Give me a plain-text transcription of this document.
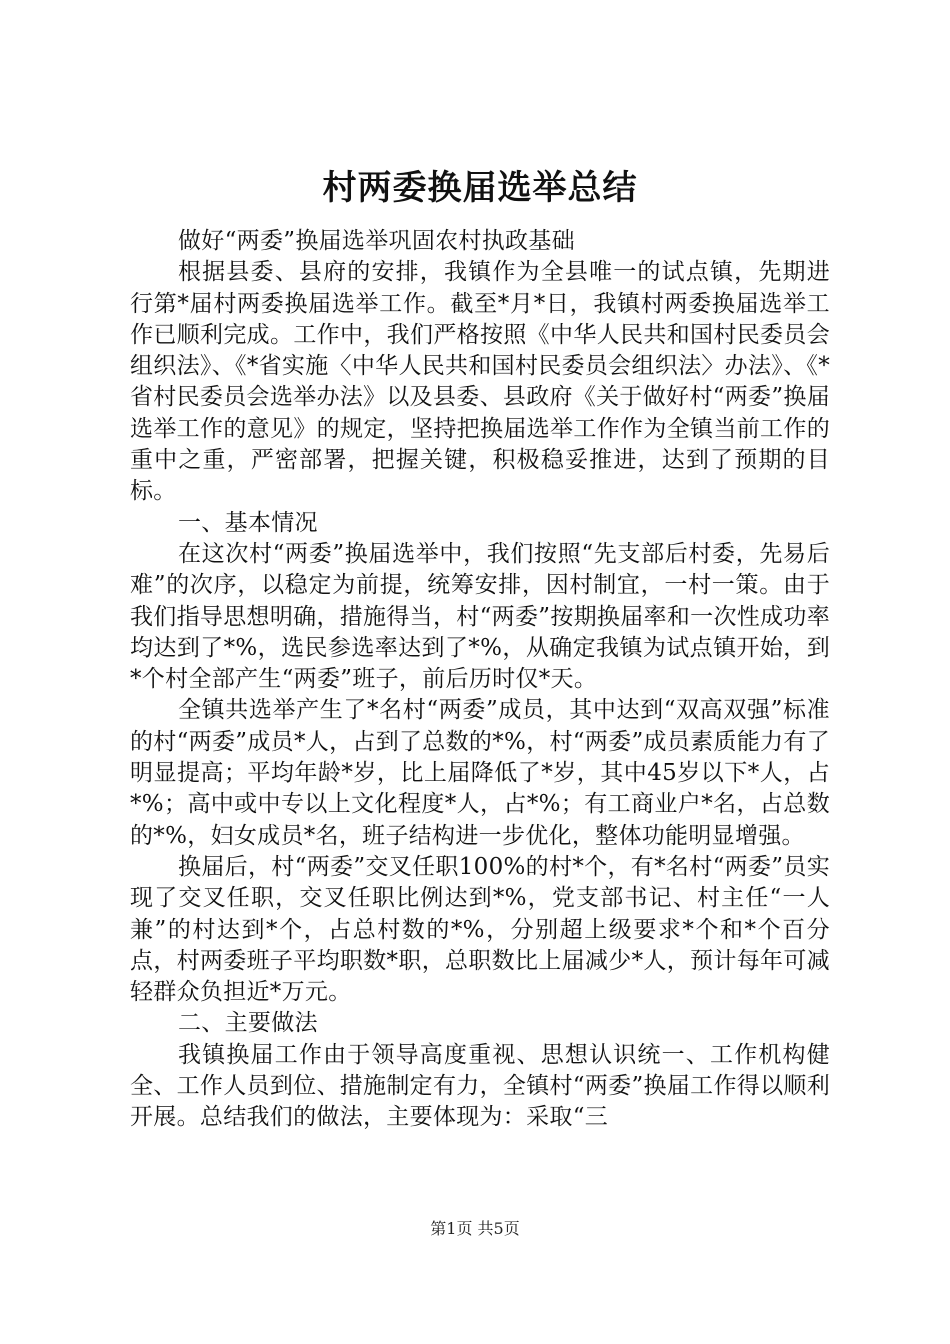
村两委换届选举总结

做好“两委”换届选举巩固农村执政基础

根据县委、县府的安排，我镇作为全县唯一的试点镇，先期进行第*届村两委换届选举工作。截至*月*日，我镇村两委换届选举工作已顺利完成。工作中，我们严格按照《中华人民共和国村民委员会组织法》、《*省实施〈中华人民共和国村民委员会组织法〉办法》、《*省村民委员会选举办法》以及县委、县政府《关于做好村“两委”换届选举工作的意见》的规定，坚持把换届选举工作作为全镇当前工作的重中之重，严密部署，把握关键，积极稳妥推进，达到了预期的目标。

一、基本情况

在这次村“两委”换届选举中，我们按照“先支部后村委，先易后难”的次序，以稳定为前提，统筹安排，因村制宜，一村一策。由于我们指导思想明确，措施得当，村“两委”按期换届率和一次性成功率均达到了*%，选民参选率达到了*%，从确定我镇为试点镇开始，到*个村全部产生“两委”班子，前后历时仅*天。

全镇共选举产生了*名村“两委”成员，其中达到“双高双强”标准的村“两委”成员*人，占到了总数的*%，村“两委”成员素质能力有了明显提高；平均年龄*岁，比上届降低了*岁，其中45岁以下*人，占*%；高中或中专以上文化程度*人，占*%；有工商业户*名，占总数的*%，妇女成员*名，班子结构进一步优化，整体功能明显增强。

换届后，村“两委”交叉任职100%的村*个，有*名村“两委”员实现了交叉任职，交叉任职比例达到*%，党支部书记、村主任“一人兼”的村达到*个，占总村数的*%，分别超上级要求*个和*个百分点，村两委班子平均职数*职，总职数比上届减少*人，预计每年可减轻群众负担近*万元。

二、主要做法

我镇换届工作由于领导高度重视、思想认识统一、工作机构健全、工作人员到位、措施制定有力，全镇村“两委”换届工作得以顺利开展。总结我们的做法，主要体现为：采取“三

第1页 共5页
